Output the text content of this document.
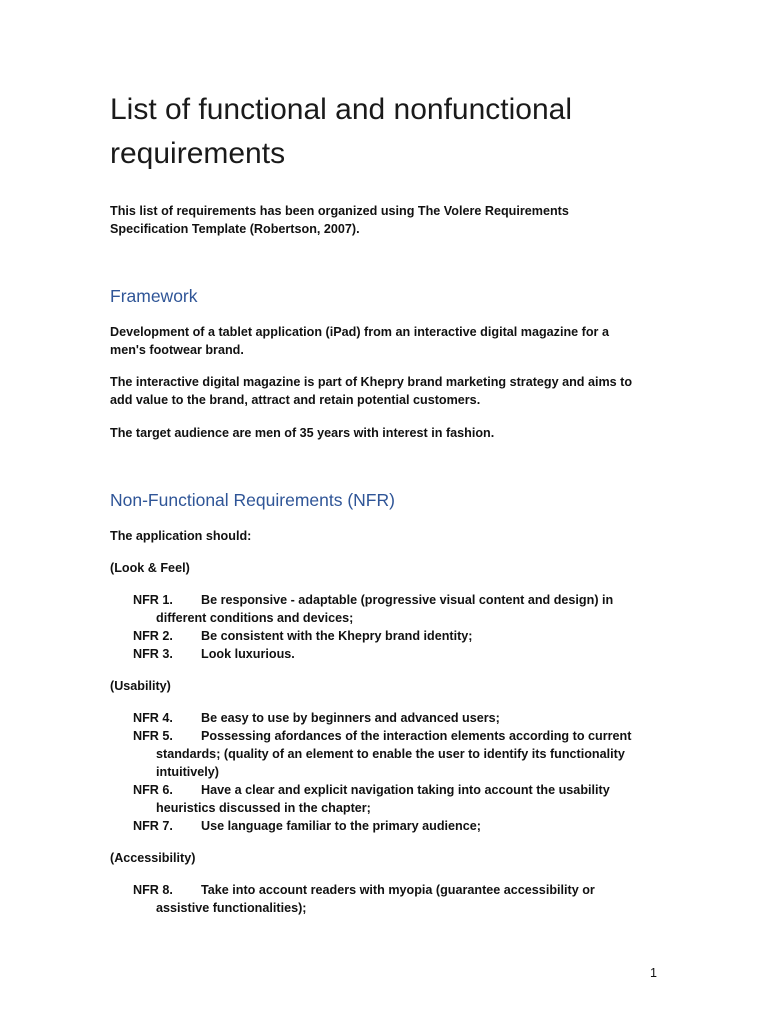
List of functional and nonfunctional
requirements

This list of requirements has been organized using The Volere Requirements
Specification Template (Robertson, 2007).

Framework

Development of a tablet application (iPad) from an interactive digital magazine for a
men's footwear brand.

The interactive digital magazine is part of Khepry brand marketing strategy and aims to
add value to the brand, attract and retain potential customers.

The target audience are men of 35 years with interest in fashion.

Non-Functional Requirements (NFR)

The application should:

(Look & Feel)

NFR 1. Be responsive - adaptable (progressive visual content and design) in
different conditions and devices;
NFR 2. Be consistent with the Khepry brand identity;
NFR 3. Look luxurious.

(Usability)

NFR 4. Be easy to use by beginners and advanced users;
NFR 5. Possessing afordances of the interaction elements according to current
standards; (quality of an element to enable the user to identify its functionality
intuitively)
NFR 6. Have a clear and explicit navigation taking into account the usability
heuristics discussed in the chapter;
NFR 7. Use language familiar to the primary audience;

(Accessibility)

NFR 8. Take into account readers with myopia (guarantee accessibility or
assistive functionalities);
1
